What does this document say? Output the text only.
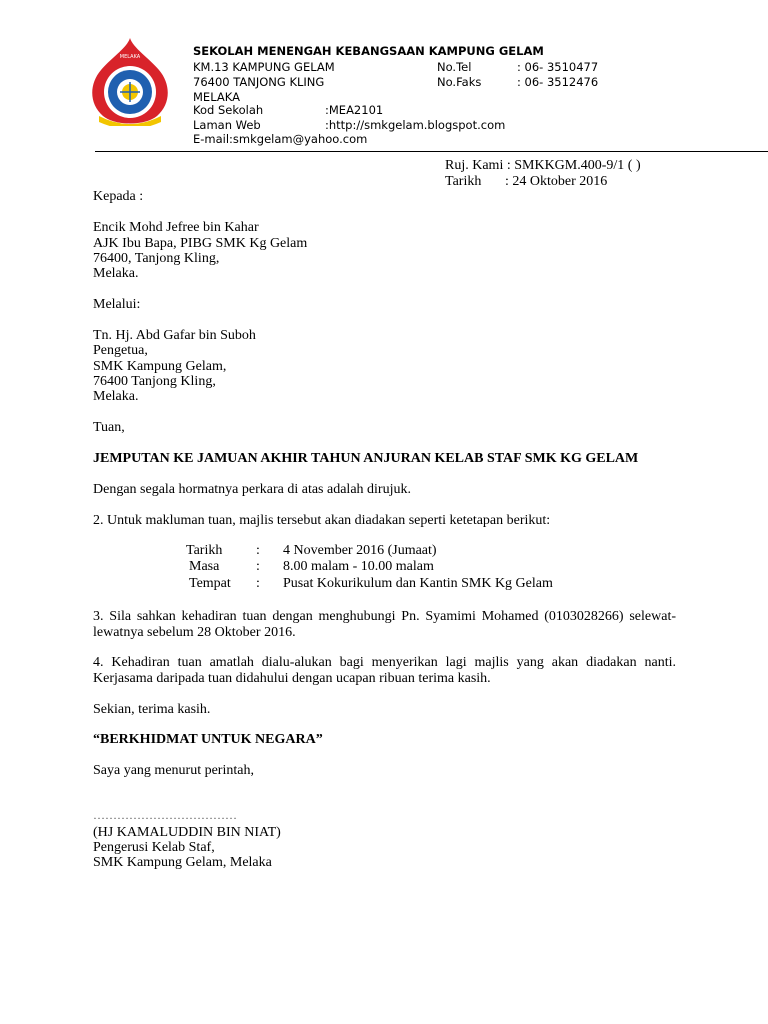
MELAKA	SEKOLAH MENENGAH KEBANGSAAN KAMPUNG GELAM
KM.13 KAMPUNG GELAM
76400 TANJONG KLING
MELAKA
No.Tel	: 06- 3510477
No.Faks	: 06- 3512476
Kod Sekolah	:MEA2101
Laman Web	:http://smkgelam.blogspot.com
E-mail:smkgelam@yahoo.com
Ruj. Kami : SMKKGM.400-9/1 ( )
Tarikh : 24 Oktober 2016
Kepada :
Encik Mohd Jefree bin Kahar
AJK Ibu Bapa, PIBG SMK Kg Gelam
76400, Tanjong Kling,
Melaka.
Melalui:
Tn. Hj. Abd Gafar bin Suboh
Pengetua,
SMK Kampung Gelam,
76400 Tanjong Kling,
Melaka.
Tuan,
JEMPUTAN KE JAMUAN AKHIR TAHUN ANJURAN KELAB STAF SMK KG GELAM
Dengan segala hormatnya perkara di atas adalah dirujuk.
2. Untuk makluman tuan, majlis tersebut akan diadakan seperti ketetapan berikut:
Tarikh : 4 November 2016 (Jumaat)
Masa	: 8.00 malam - 10.00 malam
Tempat : Pusat Kokurikulum dan Kantin SMK Kg Gelam
3. Sila sahkan kehadiran tuan dengan menghubungi Pn. Syamimi Mohamed (0103028266) selewat-lewatnya sebelum 28 Oktober 2016.
4. Kehadiran tuan amatlah dialu-alukan bagi menyerikan lagi majlis yang akan diadakan nanti. Kerjasama daripada tuan didahului dengan ucapan ribuan terima kasih.
Sekian, terima kasih.
“BERKHIDMAT UNTUK NEGARA”
Saya yang menurut perintah,
………………………………
(HJ KAMALUDDIN BIN NIAT)
Pengerusi Kelab Staf,
SMK Kampung Gelam, Melaka
